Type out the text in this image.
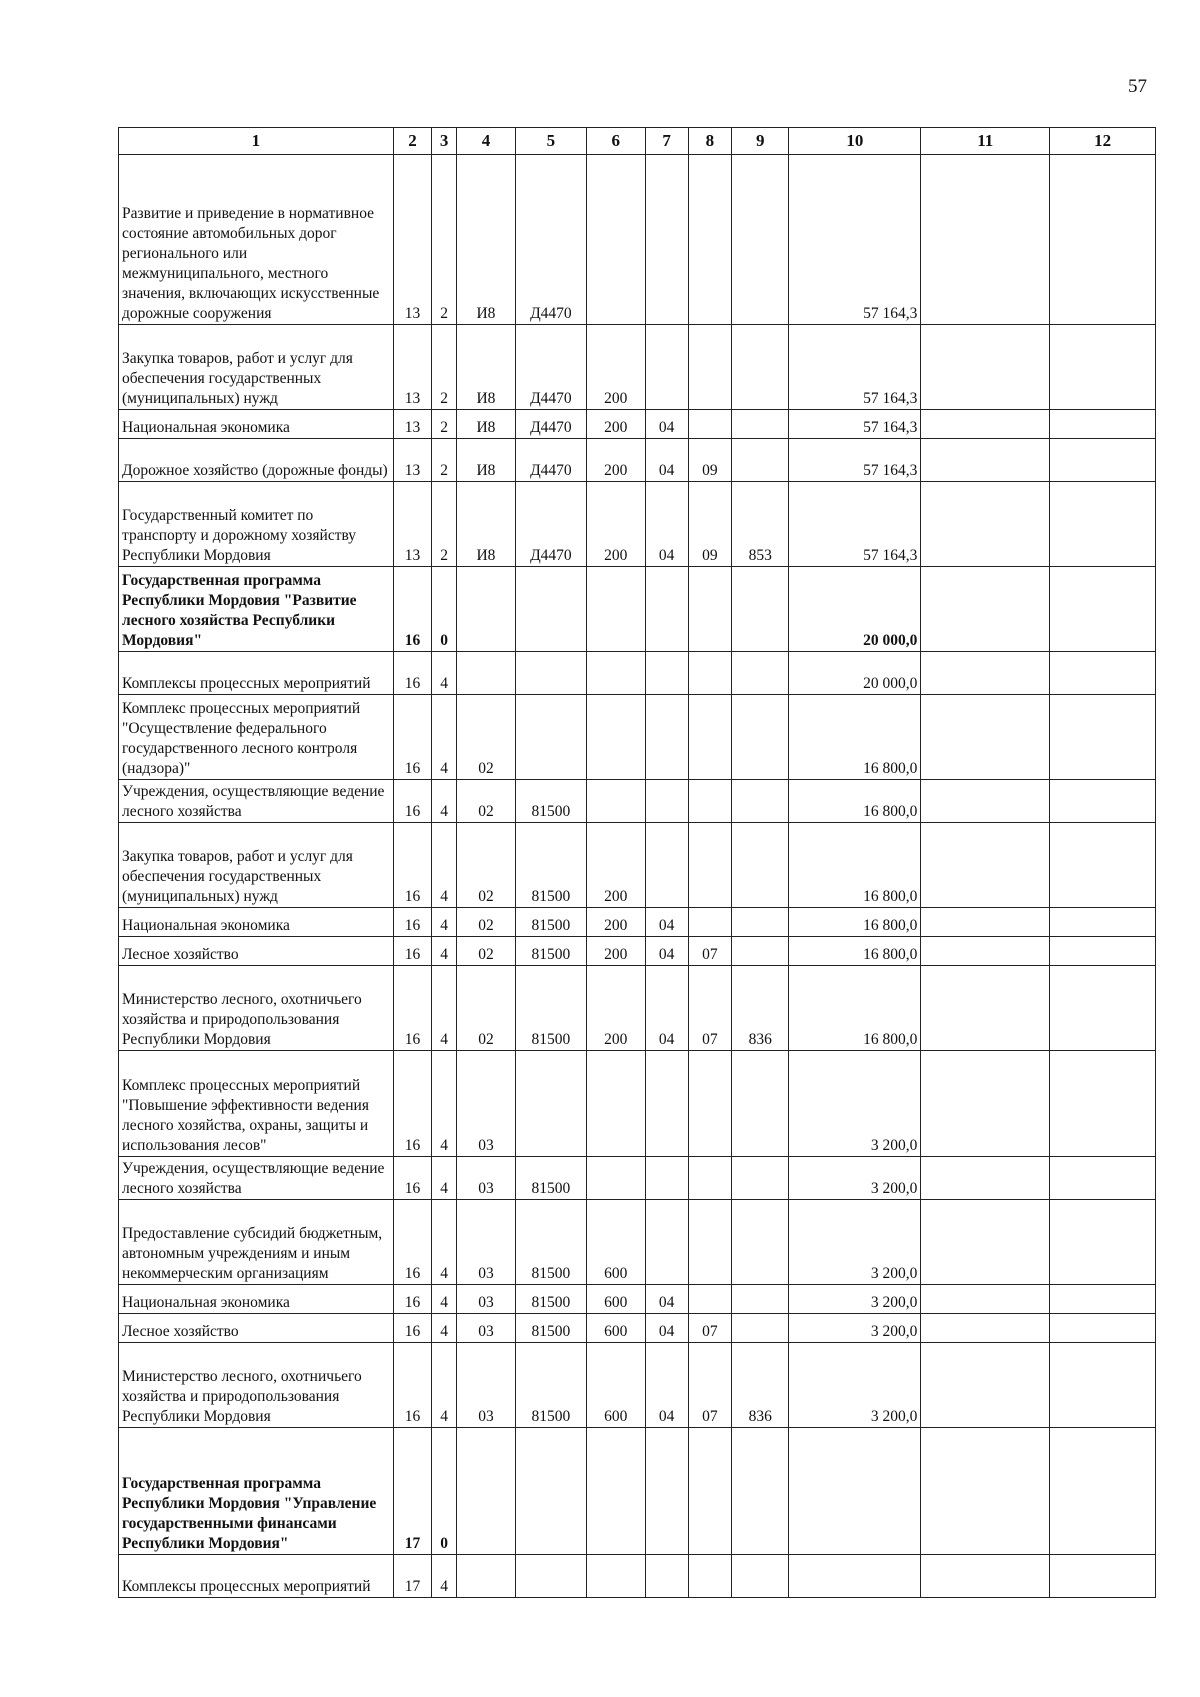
57
1	2	3	4	5	6	7	8	9	10	11	12
Развитие и приведение в нормативное состояние автомобильных дорог регионального или межмуниципального, местного значения, включающих искусственные дорожные сооружения	13	2	И8	Д4470					57 164,3		
Закупка товаров, работ и услуг для обеспечения государственных (муниципальных) нужд	13	2	И8	Д4470	200				57 164,3		
Национальная экономика	13	2	И8	Д4470	200	04			57 164,3		
Дорожное хозяйство (дорожные фонды)	13	2	И8	Д4470	200	04	09		57 164,3		
Государственный комитет по транспорту и дорожному хозяйству Республики Мордовия	13	2	И8	Д4470	200	04	09	853	57 164,3		
Государственная программа Республики Мордовия "Развитие лесного хозяйства Республики Мордовия"	16	0							20 000,0		
Комплексы процессных мероприятий	16	4							20 000,0		
Комплекс процессных мероприятий "Осуществление федерального государственного лесного контроля (надзора)"	16	4	02						16 800,0		
Учреждения, осуществляющие ведение лесного хозяйства	16	4	02	81500					16 800,0		
Закупка товаров, работ и услуг для обеспечения государственных (муниципальных) нужд	16	4	02	81500	200				16 800,0		
Национальная экономика	16	4	02	81500	200	04			16 800,0		
Лесное хозяйство	16	4	02	81500	200	04	07		16 800,0		
Министерство лесного, охотничьего хозяйства и природопользования Республики Мордовия	16	4	02	81500	200	04	07	836	16 800,0		
Комплекс процессных мероприятий "Повышение эффективности ведения лесного хозяйства, охраны, защиты и использования лесов"	16	4	03						3 200,0		
Учреждения, осуществляющие ведение лесного хозяйства	16	4	03	81500					3 200,0		
Предоставление субсидий бюджетным, автономным учреждениям и иным некоммерческим организациям	16	4	03	81500	600				3 200,0		
Национальная экономика	16	4	03	81500	600	04			3 200,0		
Лесное хозяйство	16	4	03	81500	600	04	07		3 200,0		
Министерство лесного, охотничьего хозяйства и природопользования Республики Мордовия	16	4	03	81500	600	04	07	836	3 200,0		
Государственная программа Республики Мордовия "Управление государственными финансами Республики Мордовия"	17	0									
Комплексы процессных мероприятий	17	4									
